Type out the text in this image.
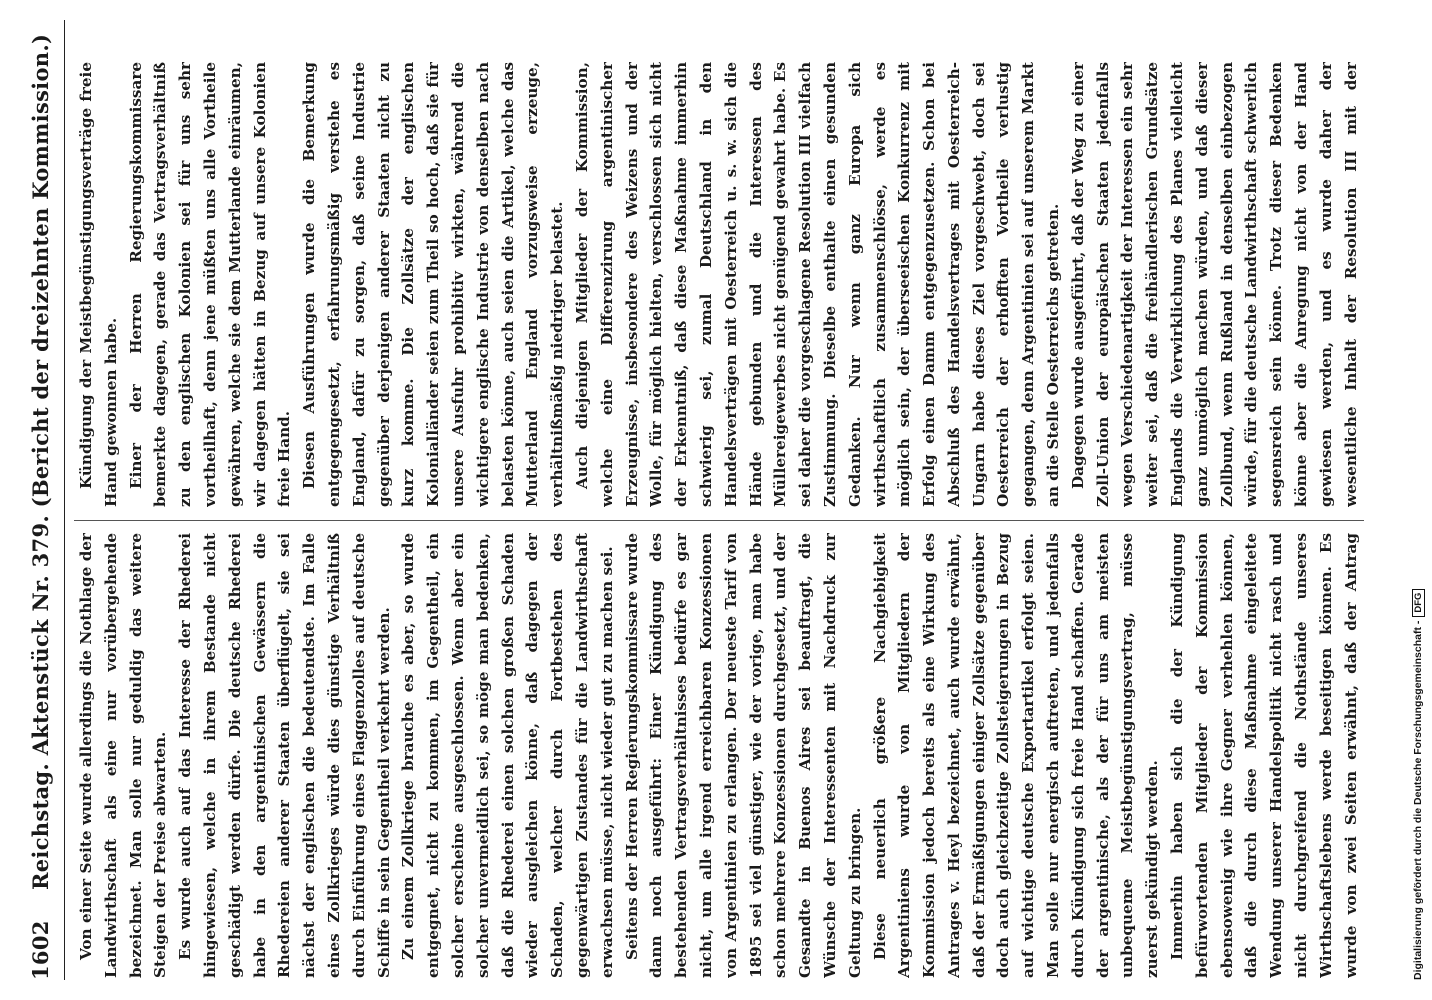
1602
Reichstag. Aktenstück Nr. 379. (Bericht der dreizehnten Kommission.) Von einer Seite wurde allerdings die Nothlage der Landwirthschaft als eine nur vorübergehende bezeichnet. Man solle nur geduldig das weitere Steigen der Preise abwarten. Es wurde auch auf das Interesse der Rhederei hingewiesen, welche in ihrem Bestande nicht geschädigt werden dürfe. Die deutsche Rhederei habe in den argentinischen Gewässern die Rhedereien anderer Staaten überflügelt, sie sei nächst der englischen die bedeutendste. Im Falle eines Zollkrieges würde dies günstige Verhältniß durch Einführung eines Flaggenzolles auf deutsche Schiffe in sein Gegentheil verkehrt werden. Zu einem Zollkriege brauche es aber, so wurde entgegnet, nicht zu kommen, im Gegentheil, ein solcher erscheine ausgeschlossen. Wenn aber ein solcher unvermeidlich sei, so möge man bedenken, daß die Rhederei einen solchen großen Schaden wieder ausgleichen könne, daß dagegen der Schaden, welcher durch Fortbestehen des gegenwärtigen Zustandes für die Landwirthschaft erwachsen müsse, nicht wieder gut zu machen sei. Seitens der Herren Regierungskommissare wurde dann noch ausgeführt: Einer Kündigung des bestehenden Vertragsverhältnisses bedürfe es gar nicht, um alle irgend erreichbaren Konzessionen von Argentinien zu erlangen. Der neueste Tarif von 1895 sei viel günstiger, wie der vorige, man habe schon mehrere Konzessionen durchgesetzt, und der Gesandte in Buenos Aires sei beauftragt, die Wünsche der Interessenten mit Nachdruck zur Geltung zu bringen. Diese neuerlich größere Nachgiebigkeit Argentiniens wurde von Mitgliedern der Kommission jedoch bereits als eine Wirkung des Antrages v. Heyl bezeichnet, auch wurde erwähnt, daß der Ermäßigungen einiger Zollsätze gegenüber doch auch gleichzeitige Zollsteigerungen in Bezug auf wichtige deutsche Exportartikel erfolgt seien. Man solle nur energisch auftreten, und jedenfalls durch Kündigung sich freie Hand schaffen. Gerade der argentinische, als der für uns am meisten unbequeme Meistbegünstigungsvertrag, müsse zuerst gekündigt werden. Immerhin haben sich die der Kündigung befürwortenden Mitglieder der Kommission ebensowenig wie ihre Gegner verhehlen können, daß die durch diese Maßnahme eingeleitete Wendung unserer Handelspolitik nicht rasch und nicht durchgreifend die Nothstände unseres Wirthschaftslebens werde beseitigen können. Es wurde von zwei Seiten erwähnt, daß der Antrag

Kündigung der Meistbegünstigungsverträge freie Hand gewonnen habe. Einer der Herren Regierungskommissare bemerkte dagegen, gerade das Vertragsverhältniß zu den englischen Kolonien sei für uns sehr vortheilhaft, denn jene müßten uns alle Vortheile gewähren, welche sie dem Mutterlande einräumen, wir dagegen hätten in Bezug auf unsere Kolonien freie Hand. Diesen Ausführungen wurde die Bemerkung entgegengesetzt, erfahrungsmäßig verstehe es England, dafür zu sorgen, daß seine Industrie gegenüber derjenigen anderer Staaten nicht zu kurz komme. Die Zollsätze der englischen Kolonialländer seien zum Theil so hoch, daß sie für unsere Ausfuhr prohibitiv wirkten, während die wichtigere englische Industrie von denselben nach belasten könne, auch seien die Artikel, welche das Mutterland England vorzugsweise erzeuge, verhältnißmäßig niedriger belastet. Auch diejenigen Mitglieder der Kommission, welche eine Differenzirung argentinischer Erzeugnisse, insbesondere des Weizens und der Wolle, für möglich hielten, verschlossen sich nicht der Erkenntniß, daß diese Maßnahme immerhin schwierig sei, zumal Deutschland in den Handelsverträgen mit Oesterreich u. s. w. sich die Hände gebunden und die Interessen des Müllereigewerbes nicht genügend gewahrt habe. Es sei daher die vorgeschlagene Resolution III vielfach Zustimmung. Dieselbe enthalte einen gesunden Gedanken. Nur wenn ganz Europa sich wirthschaftlich zusammenschlösse, werde es möglich sein, der überseeischen Konkurrenz mit Erfolg einen Damm entgegenzusetzen. Schon bei Abschluß des Handelsvertrages mit Oesterreich-Ungarn habe dieses Ziel vorgeschwebt, doch sei Oesterreich der erhofften Vortheile verlustig gegangen, denn Argentinien sei auf unserem Markt an die Stelle Oesterreichs getreten. Dagegen wurde ausgeführt, daß der Weg zu einer Zoll-Union der europäischen Staaten jedenfalls wegen Verschiedenartigkeit der Interessen ein sehr weiter sei, daß die freihändlerischen Grundsätze Englands die Verwirklichung des Planes vielleicht ganz unmöglich machen würden, und daß dieser Zollbund, wenn Rußland in denselben einbezogen würde, für die deutsche Landwirthschaft schwerlich segensreich sein könne. Trotz dieser Bedenken könne aber die Anregung nicht von der Hand gewiesen werden, und es wurde daher der wesentliche Inhalt der Resolution III mit der

Digitalisierung gefördert durch die Deutsche Forschungsgemeinschaft -DFG
